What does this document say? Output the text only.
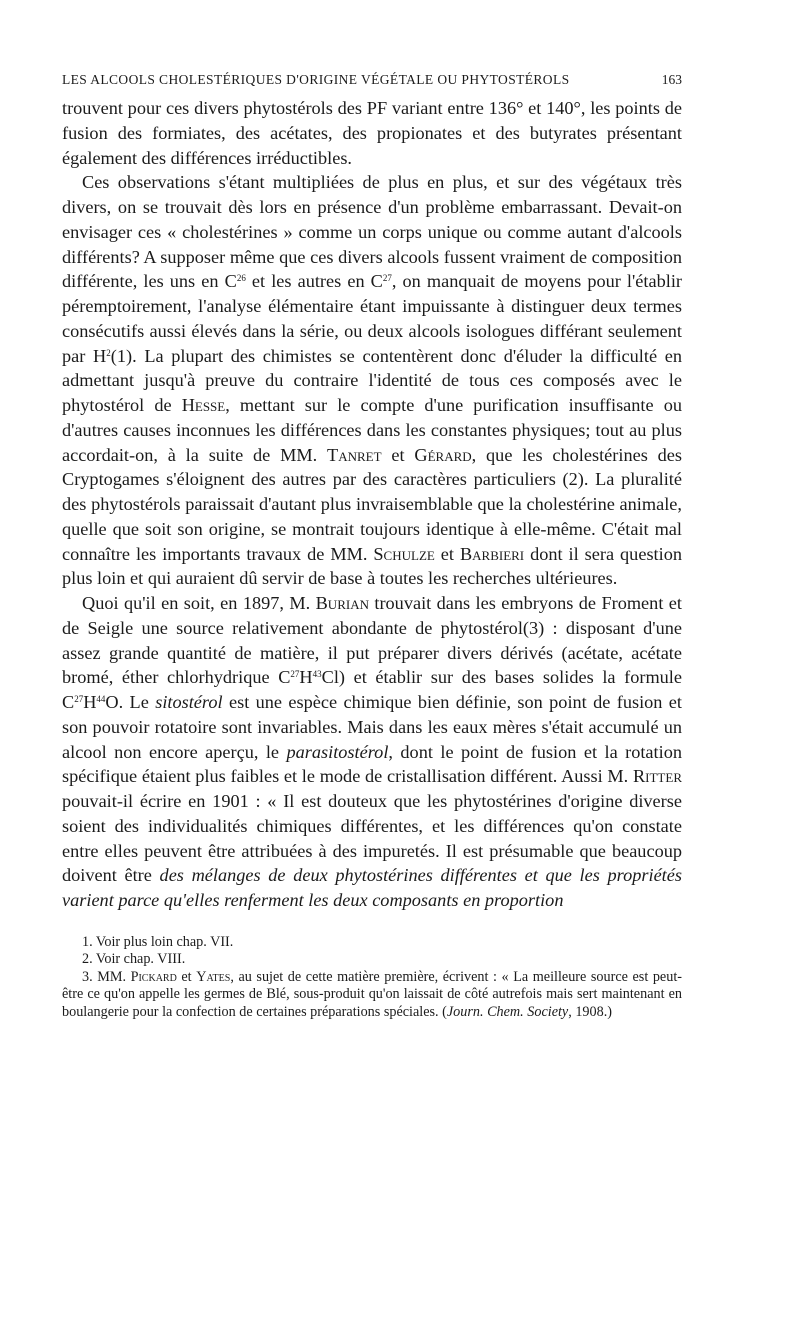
LES ALCOOLS CHOLESTÉRIQUES D'ORIGINE VÉGÉTALE OU PHYTOSTÉROLS	163

trouvent pour ces divers phytostérols des PF variant entre 136° et 140°, les points de fusion des formiates, des acétates, des propionates et des butyrates présentant également des différences irréductibles.

Ces observations s'étant multipliées de plus en plus, et sur des végétaux très divers, on se trouvait dès lors en présence d'un problème embarrassant. Devait-on envisager ces « cholestérines » comme un corps unique ou comme autant d'alcools différents? A supposer même que ces divers alcools fussent vraiment de composition différente, les uns en $C^{26}$ et les autres en $C^{27}$, on manquait de moyens pour l'établir péremptoirement, l'analyse élémentaire étant impuissante à distinguer deux termes consécutifs aussi élevés dans la série, ou deux alcools isologues différant seulement par $H^2(1)$. La plupart des chimistes se contentèrent donc d'éluder la difficulté en admettant jusqu'à preuve du contraire l'identité de tous ces composés avec le phytostérol de Hesse, mettant sur le compte d'une purification insuffisante ou d'autres causes inconnues les différences dans les constantes physiques; tout au plus accordait-on, à la suite de MM. Tanret et Gérard, que les cholestérines des Cryptogames s'éloignent des autres par des caractères particuliers (2). La pluralité des phytostérols paraissait d'autant plus invraisemblable que la cholestérine animale, quelle que soit son origine, se montrait toujours identique à elle-même. C'était mal connaître les importants travaux de MM. Schulze et Barbieri dont il sera question plus loin et qui auraient dû servir de base à toutes les recherches ultérieures.

Quoi qu'il en soit, en 1897, M. Burian trouvait dans les embryons de Froment et de Seigle une source relativement abondante de phytostérol(3) : disposant d'une assez grande quantité de matière, il put préparer divers dérivés (acétate, acétate bromé, éther chlorhydrique $C^{27}H^{43}Cl$) et établir sur des bases solides la formule $C^{27}H^{44}O$. Le sitostérol est une espèce chimique bien définie, son point de fusion et son pouvoir rotatoire sont invariables. Mais dans les eaux mères s'était accumulé un alcool non encore aperçu, le parasitostérol, dont le point de fusion et la rotation spécifique étaient plus faibles et le mode de cristallisation différent. Aussi M. Ritter pouvait-il écrire en 1901 : « Il est douteux que les phytostérines d'origine diverse soient des individualités chimiques différentes, et les différences qu'on constate entre elles peuvent être attribuées à des impuretés. Il est présumable que beaucoup doivent être des mélanges de deux phytostérines différentes et que les propriétés varient parce qu'elles renferment les deux composants en proportion

1. Voir plus loin chap. VII.

2. Voir chap. VIII.

3. MM. Pickard et Yates, au sujet de cette matière première, écrivent : « La meilleure source est peut-être ce qu'on appelle les germes de Blé, sous-produit qu'on laissait de côté autrefois mais sert maintenant en boulangerie pour la confection de certaines préparations spéciales. (Journ. Chem. Society, 1908.)
